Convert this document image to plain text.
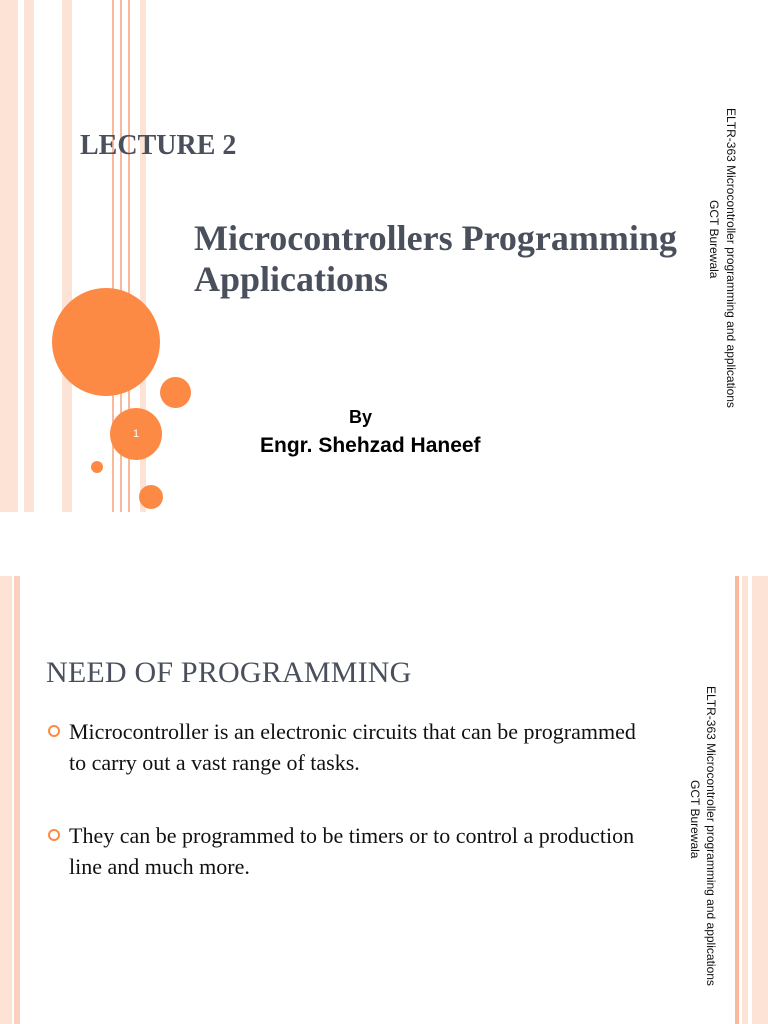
1
LECTURE 2
Microcontrollers Programming
Applications
By
Engr. Shehzad Haneef
ELTR-363 Microcontroller programming and applications
GCT Burewala
NEED OF PROGRAMMING
Microcontroller is an electronic circuits that can be programmed to carry out a vast range of tasks.
They can be programmed to be timers or to control a production line and much more.	ELTR-363 Microcontroller programming and applications
GCT Burewala
